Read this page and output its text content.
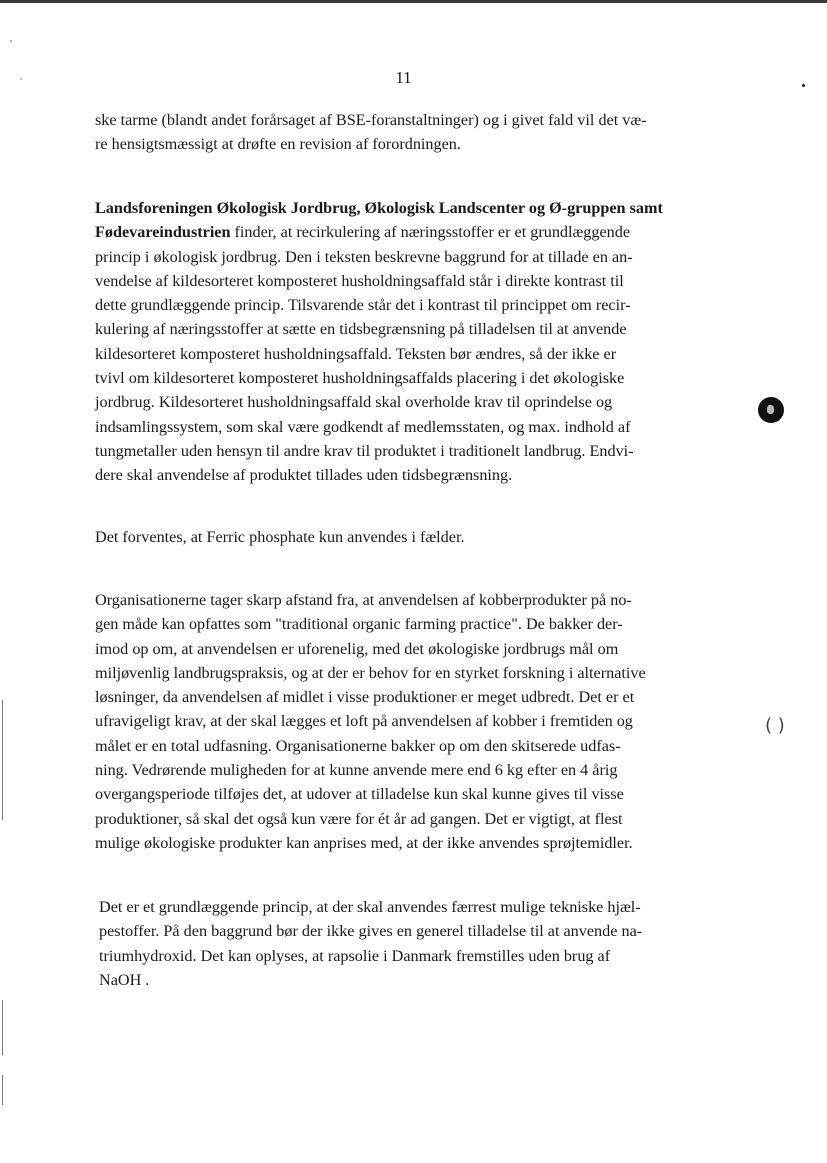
11
ske tarme (blandt andet forårsaget af BSE-foranstaltninger) og i givet fald vil det væ-
re hensigtsmæssigt at drøfte en revision af forordningen.
Landsforeningen Økologisk Jordbrug, Økologisk Landscenter og Ø-gruppen samt
Fødevareindustrien finder, at recirkulering af næringsstoffer er et grundlæggende
princip i økologisk jordbrug. Den i teksten beskrevne baggrund for at tillade en an-
vendelse af kildesorteret komposteret husholdningsaffald står i direkte kontrast til
dette grundlæggende princip. Tilsvarende står det i kontrast til princippet om recir-
kulering af næringsstoffer at sætte en tidsbegrænsning på tilladelsen til at anvende
kildesorteret komposteret husholdningsaffald. Teksten bør ændres, så der ikke er
tvivl om kildesorteret komposteret husholdningsaffalds placering i det økologiske
jordbrug. Kildesorteret husholdningsaffald skal overholde krav til oprindelse og
indsamlingssystem, som skal være godkendt af medlemsstaten, og max. indhold af
tungmetaller uden hensyn til andre krav til produktet i traditionelt landbrug. Endvi-
dere skal anvendelse af produktet tillades uden tidsbegrænsning.
Det forventes, at Ferric phosphate kun anvendes i fælder.
Organisationerne tager skarp afstand fra, at anvendelsen af kobberprodukter på no-
gen måde kan opfattes som "traditional organic farming practice". De bakker der-
imod op om, at anvendelsen er uforenelig, med det økologiske jordbrugs mål om
miljøvenlig landbrugspraksis, og at der er behov for en styrket forskning i alternative
løsninger, da anvendelsen af midlet i visse produktioner er meget udbredt. Det er et
ufravigeligt krav, at der skal lægges et loft på anvendelsen af kobber i fremtiden og
målet er en total udfasning. Organisationerne bakker op om den skitserede udfas-
ning. Vedrørende muligheden for at kunne anvende mere end 6 kg efter en 4 årig
overgangsperiode tilføjes det, at udover at tilladelse kun skal kunne gives til visse
produktioner, så skal det også kun være for ét år ad gangen. Det er vigtigt, at flest
mulige økologiske produkter kan anprises med, at der ikke anvendes sprøjtemidler.
Det er et grundlæggende princip, at der skal anvendes færrest mulige tekniske hjæl-
pestoffer. På den baggrund bør der ikke gives en generel tilladelse til at anvende na-
triumhydroxid. Det kan oplyses, at rapsolie i Danmark fremstilles uden brug af
NaOH .
( )
